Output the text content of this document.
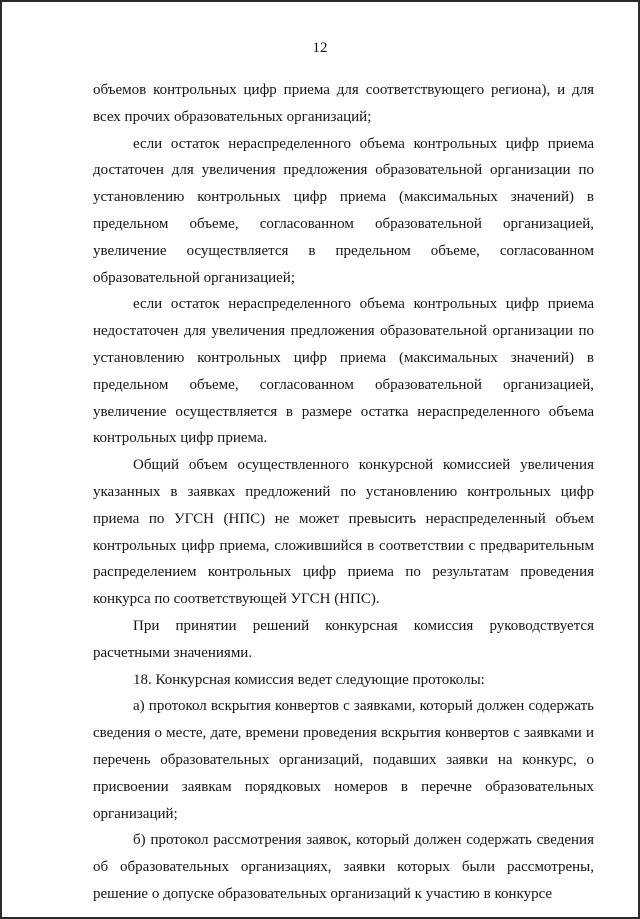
12

объемов контрольных цифр приема для соответствующего региона), и для всех прочих образовательных организаций;

если остаток нераспределенного объема контрольных цифр приема достаточен для увеличения предложения образовательной организации по установлению контрольных цифр приема (максимальных значений) в предельном объеме, согласованном образовательной организацией, увеличение осуществляется в предельном объеме, согласованном образовательной организацией;

если остаток нераспределенного объема контрольных цифр приема недостаточен для увеличения предложения образовательной организации по установлению контрольных цифр приема (максимальных значений) в предельном объеме, согласованном образовательной организацией, увеличение осуществляется в размере остатка нераспределенного объема контрольных цифр приема.

Общий объем осуществленного конкурсной комиссией увеличения указанных в заявках предложений по установлению контрольных цифр приема по УГСН (НПС) не может превысить нераспределенный объем контрольных цифр приема, сложившийся в соответствии с предварительным распределением контрольных цифр приема по результатам проведения конкурса по соответствующей УГСН (НПС).

При принятии решений конкурсная комиссия руководствуется расчетными значениями.

18. Конкурсная комиссия ведет следующие протоколы:

а) протокол вскрытия конвертов с заявками, который должен содержать сведения о месте, дате, времени проведения вскрытия конвертов с заявками и перечень образовательных организаций, подавших заявки на конкурс, о присвоении заявкам порядковых номеров в перечне образовательных организаций;

б) протокол рассмотрения заявок, который должен содержать сведения об образовательных организациях, заявки которых были рассмотрены, решение о допуске образовательных организаций к участию в конкурсе
